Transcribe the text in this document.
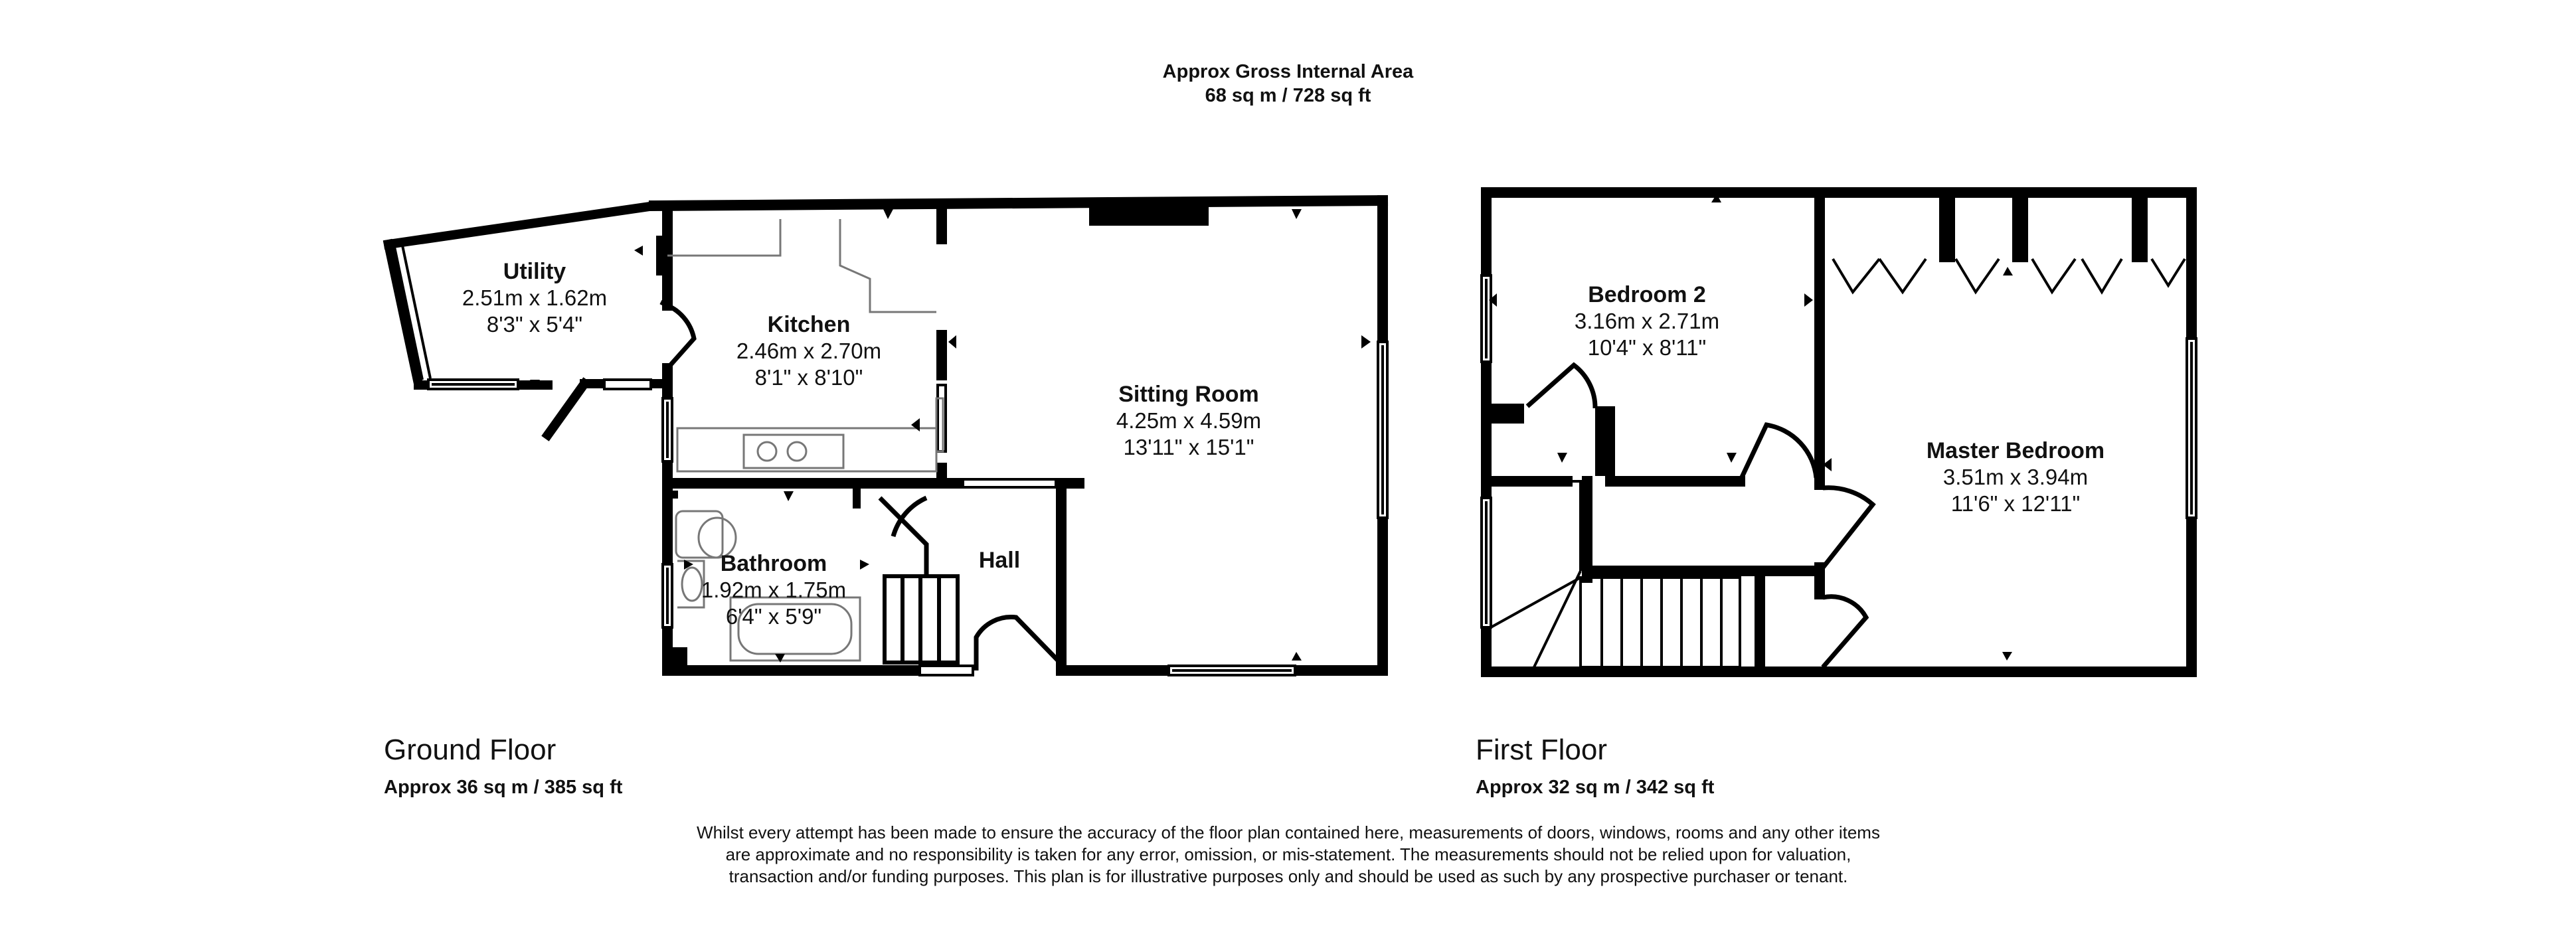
Approx Gross Internal Area
68 sq m / 728 sq ft
Utility
2.51m x 1.62m
8'3" x 5'4"	Kitchen
2.46m x 2.70m
8'1" x 8'10"
Sitting Room
4.25m x 4.59m
13'11" x 15'1"
Bathroom
1.92m x 1.75m
6'4" x 5'9"
Hall
Bedroom 2
3.16m x 2.71m
10'4" x 8'11"
Master Bedroom
3.51m x 3.94m
11'6" x 12'11"
Ground Floor
Approx 36 sq m / 385 sq ft
First Floor
Approx 32 sq m / 342 sq ft
Whilst every attempt has been made to ensure the accuracy of the floor plan contained here, measurements of doors, windows, rooms and any other items are approximate and no responsibility is taken for any error, omission, or mis-statement. The measurements should not be relied upon for valuation, transaction and/or funding purposes. This plan is for illustrative purposes only and should be used as such by any prospective purchaser or tenant.
